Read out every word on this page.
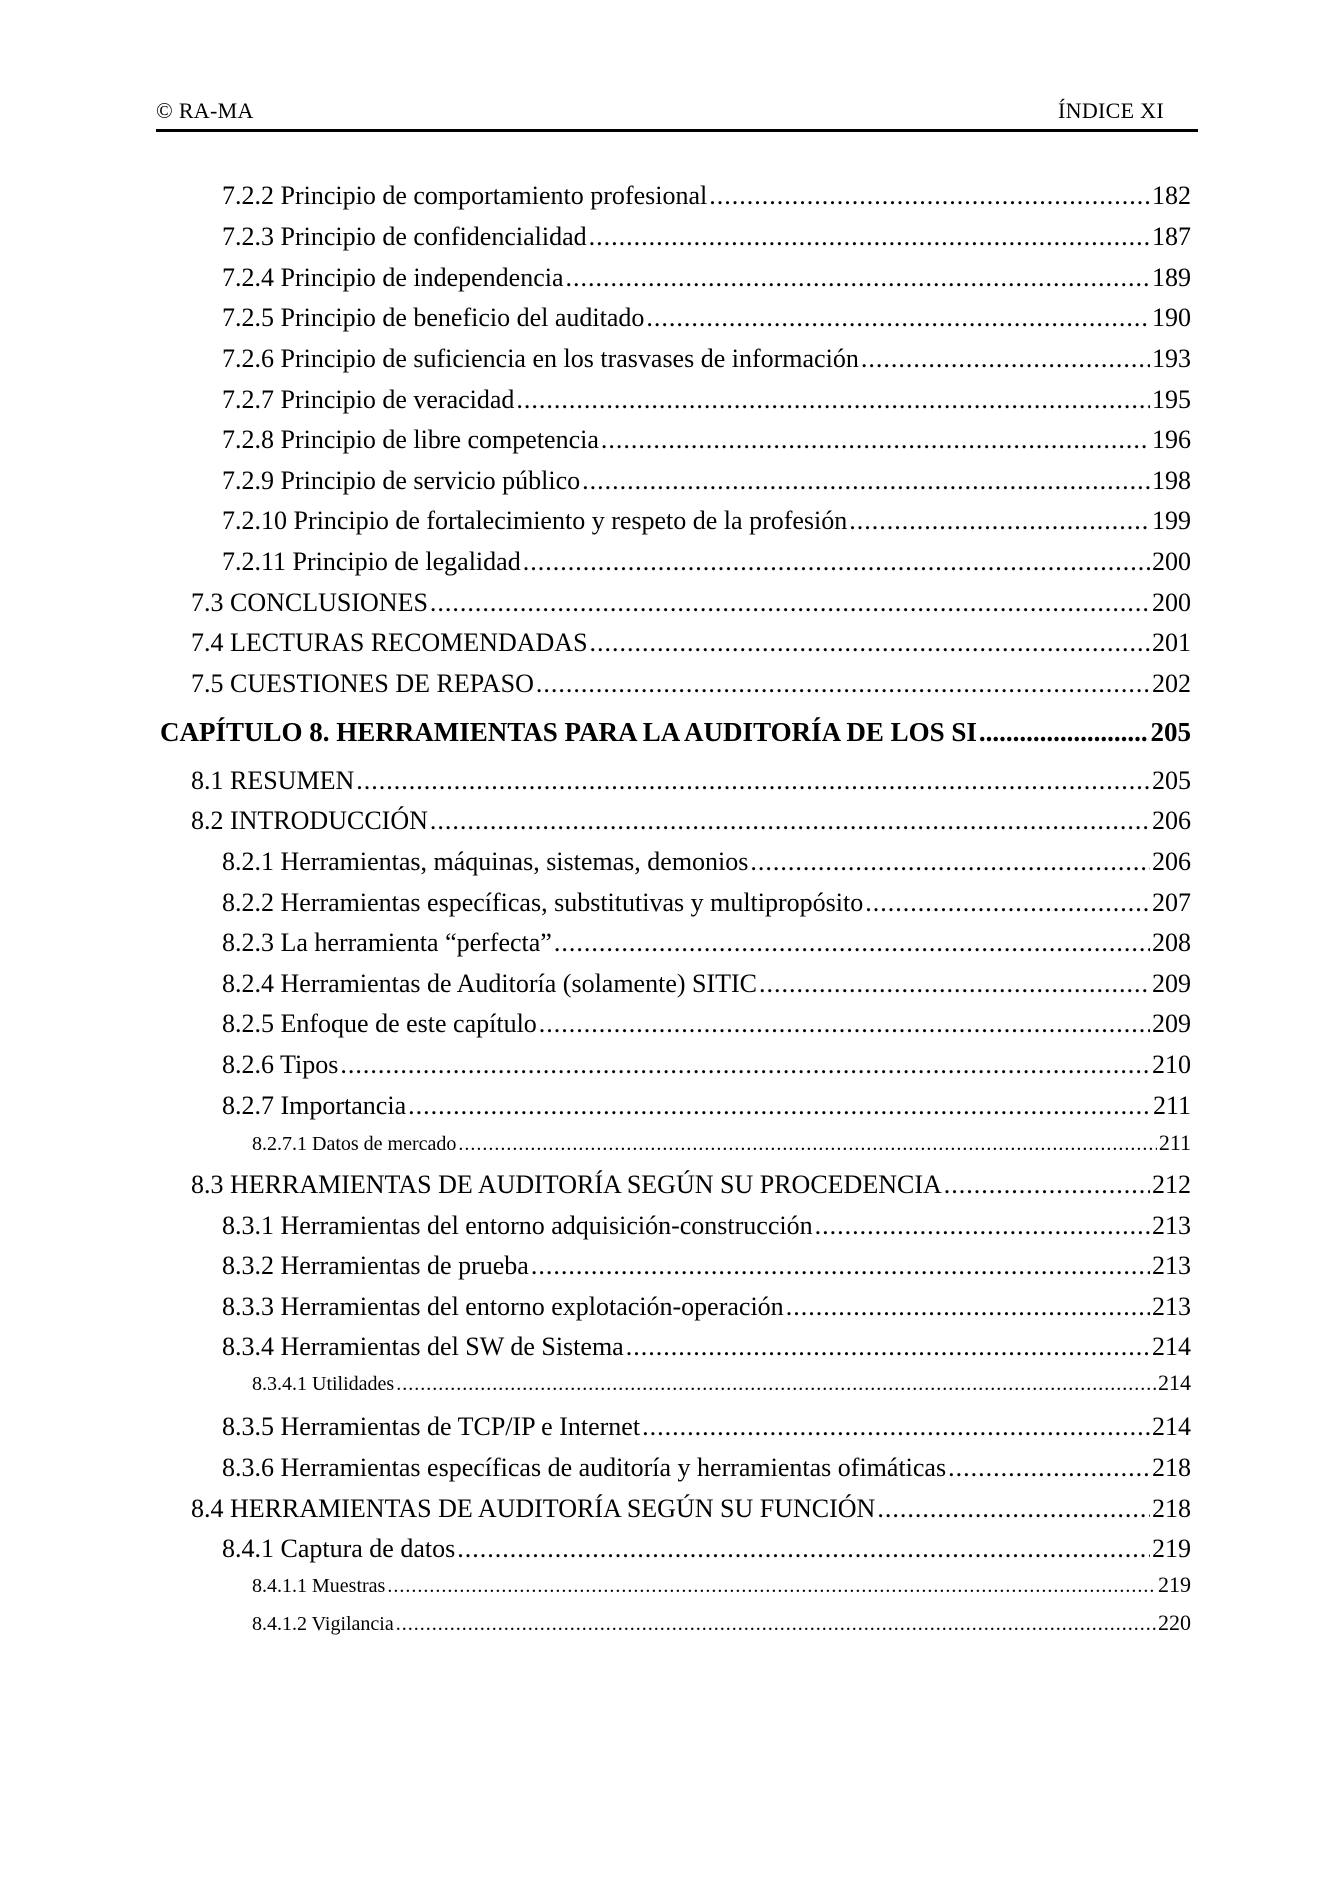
© RA-MA	ÍNDICE XI
7.2.2 Principio de comportamiento profesional .....	182
7.2.3 Principio de confidencialidad .....	187
7.2.4 Principio de independencia .....	189
7.2.5 Principio de beneficio del auditado .....	190
7.2.6 Principio de suficiencia en los trasvases de información .....	193
7.2.7 Principio de veracidad .....	195
7.2.8 Principio de libre competencia .....	196
7.2.9 Principio de servicio público .....	198
7.2.10 Principio de fortalecimiento y respeto de la profesión .....	199
7.2.11 Principio de legalidad .....	200
7.3 CONCLUSIONES .....	200
7.4 LECTURAS RECOMENDADAS .....	201
7.5 CUESTIONES DE REPASO .....	202
CAPÍTULO 8. HERRAMIENTAS PARA LA AUDITORÍA DE LOS SI .....	205
8.1 RESUMEN .....	205
8.2 INTRODUCCIÓN .....	206
8.2.1 Herramientas, máquinas, sistemas, demonios .....	206
8.2.2 Herramientas específicas, substitutivas y multipropósito .....	207
8.2.3 La herramienta “perfecta” .....	208
8.2.4 Herramientas de Auditoría (solamente) SITIC .....	209
8.2.5 Enfoque de este capítulo .....	209
8.2.6 Tipos .....	210
8.2.7 Importancia .....	211
8.2.7.1 Datos de mercado .....	211
8.3 HERRAMIENTAS DE AUDITORÍA SEGÚN SU PROCEDENCIA .....	212
8.3.1 Herramientas del entorno adquisición-construcción .....	213
8.3.2 Herramientas de prueba .....	213
8.3.3 Herramientas del entorno explotación-operación .....	213
8.3.4 Herramientas del SW de Sistema .....	214
8.3.4.1 Utilidades .....	214
8.3.5 Herramientas de TCP/IP e Internet .....	214
8.3.6 Herramientas específicas de auditoría y herramientas ofimáticas .....	218
8.4 HERRAMIENTAS DE AUDITORÍA SEGÚN SU FUNCIÓN .....	218
8.4.1 Captura de datos .....	219
8.4.1.1 Muestras .....	219
8.4.1.2 Vigilancia .....	220
